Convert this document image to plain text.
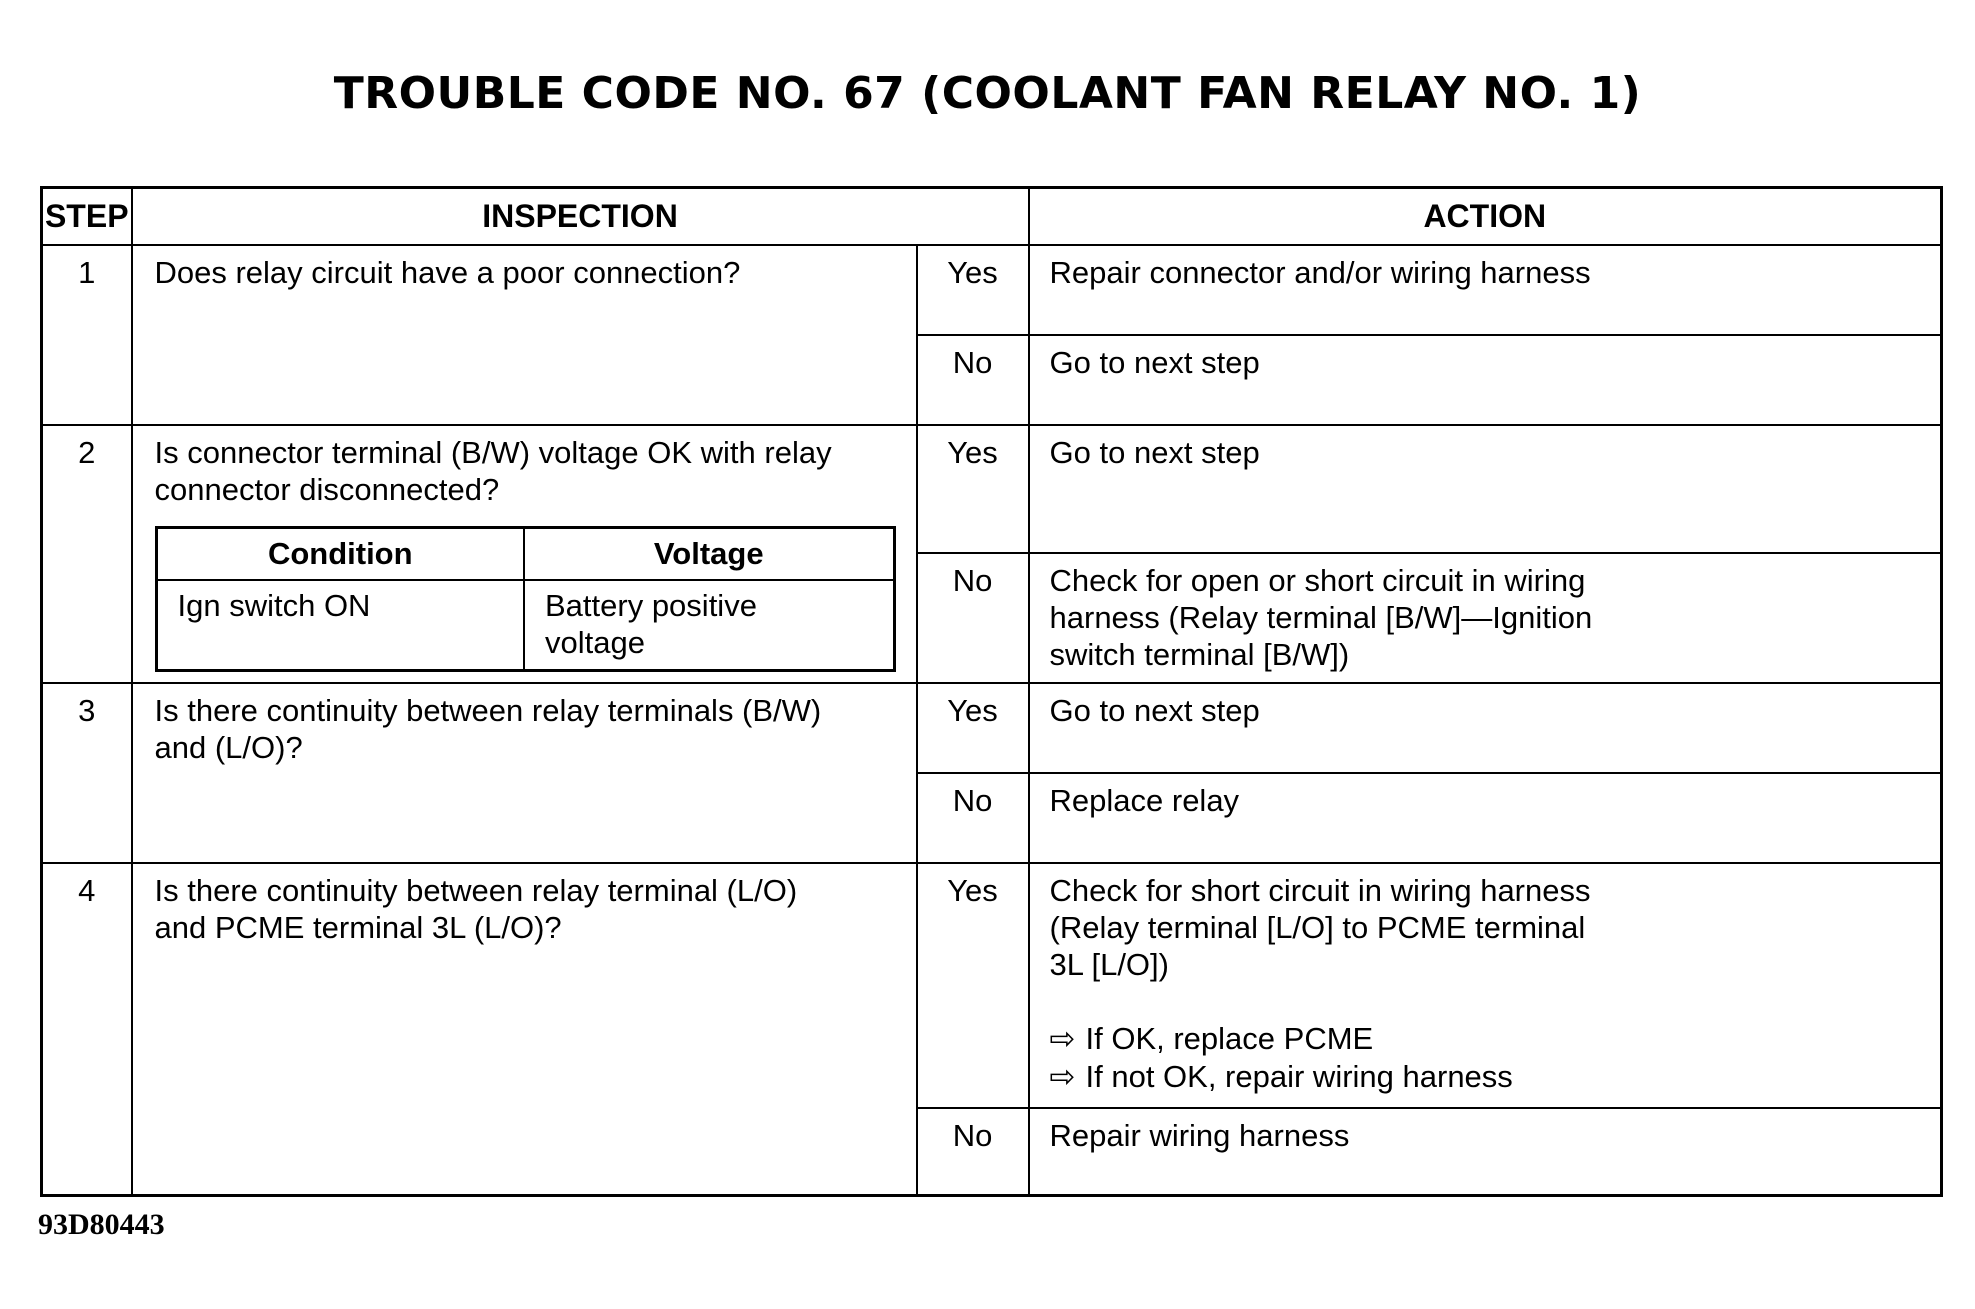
TROUBLE CODE NO. 67 (COOLANT FAN RELAY NO. 1)
STEP	INSPECTION	ACTION
1	Does relay circuit have a poor connection?	Yes	Repair connector and/or wiring harness

No	Go to next step

2	Is connector terminal (B/W) voltage OK with relay
connector disconnected?
Condition	Voltage
Ign switch ON	Battery positive
voltage
	Yes	Go to next step

No	Check for open or short circuit in wiring
harness (Relay terminal [B/W]—Ignition
switch terminal [B/W])

3	Is there continuity between relay terminals (B/W)
and (L/O)?
	Yes	Go to next step

No	Replace relay

4	Is there continuity between relay terminal (L/O)
and PCME terminal 3L (L/O)?
	Yes	Check for short circuit in wiring harness
(Relay terminal [L/O] to PCME terminal
3L [L/O])
⇨ If OK, replace PCME
⇨ If not OK, repair wiring harness

No	Repair wiring harness
93D80443
